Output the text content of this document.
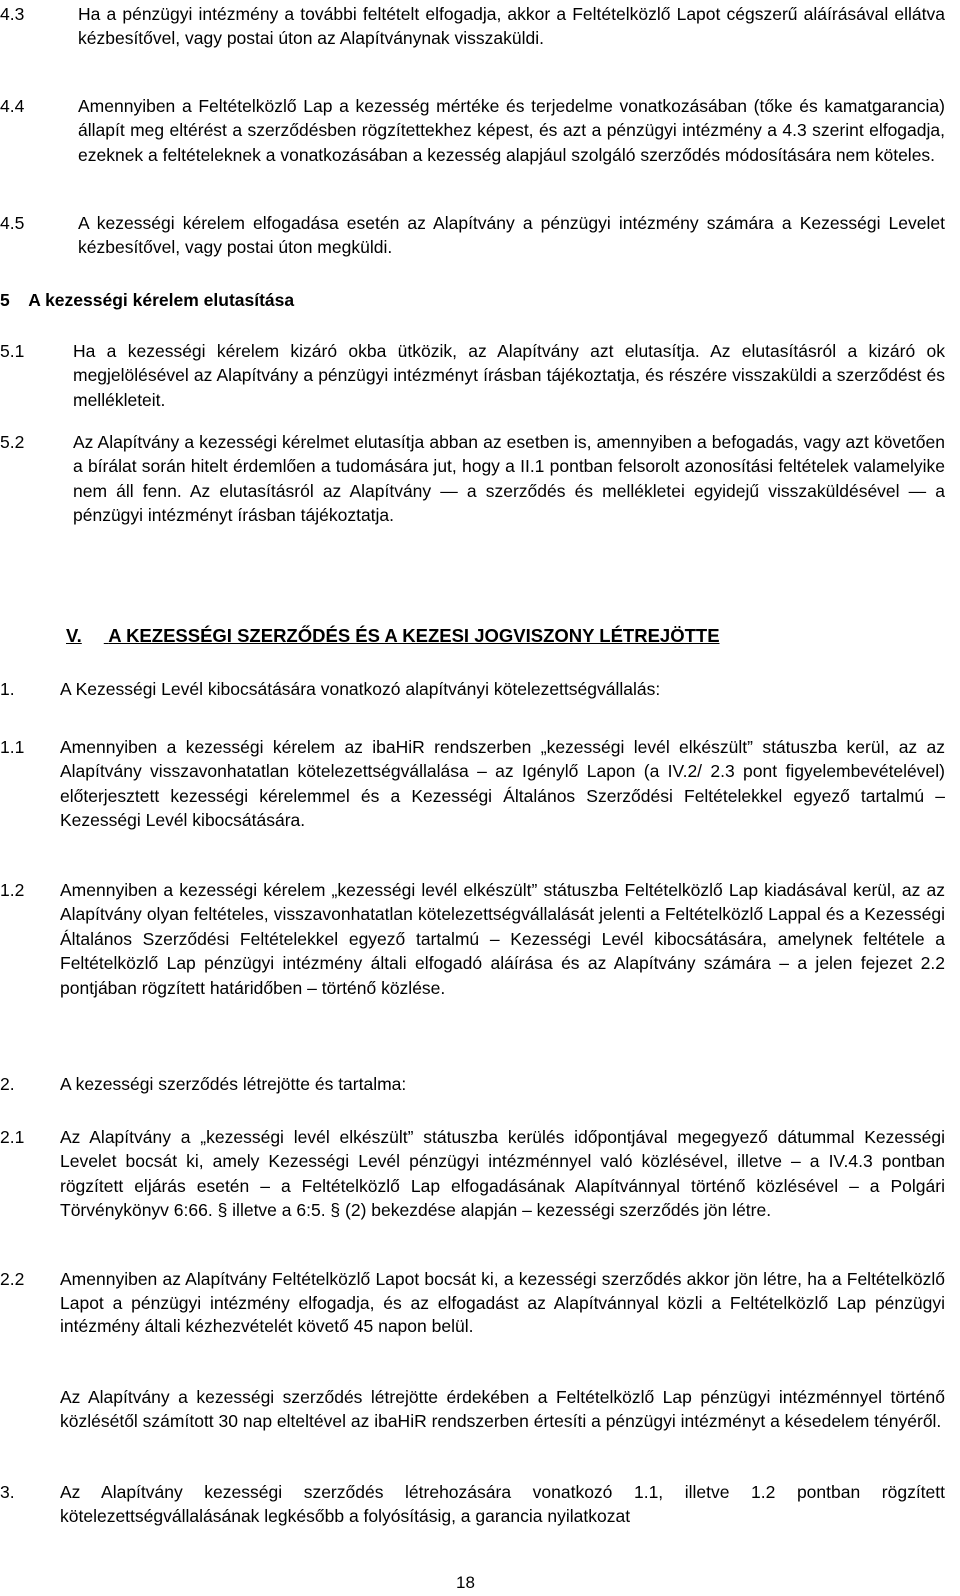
4.3	Ha a pénzügyi intézmény a további feltételt elfogadja, akkor a Feltételközlő Lapot cégszerű aláírásával ellátva kézbesítővel, vagy postai úton az Alapítványnak visszaküldi.
4.4	Amennyiben a Feltételközlő Lap a kezesség mértéke és terjedelme vonatkozásában (tőke és kamatgarancia) állapít meg eltérést a szerződésben rögzítettekhez képest, és azt a pénzügyi intézmény a 4.3 szerint elfogadja, ezeknek a feltételeknek a vonatkozásában a kezesség alapjául szolgáló szerződés módosítására nem köteles.
4.5	A kezességi kérelem elfogadása esetén az Alapítvány a pénzügyi intézmény számára a Kezességi Levelet kézbesítővel, vagy postai úton megküldi.
5 A kezességi kérelem elutasítása
5.1	Ha a kezességi kérelem kizáró okba ütközik, az Alapítvány azt elutasítja. Az elutasításról a kizáró ok megjelölésével az Alapítvány a pénzügyi intézményt írásban tájékoztatja, és részére visszaküldi a szerződést és mellékleteit.
5.2	Az Alapítvány a kezességi kérelmet elutasítja abban az esetben is, amennyiben a befogadás, vagy azt követően a bírálat során hitelt érdemlően a tudomására jut, hogy a II.1 pontban felsorolt azonosítási feltételek valamelyike nem áll fenn. Az elutasításról az Alapítvány — a szerződés és mellékletei egyidejű visszaküldésével — a pénzügyi intézményt írásban tájékoztatja.
V. A KEZESSÉGI SZERZŐDÉS ÉS A KEZESI JOGVISZONY LÉTREJÖTTE
1.	A Kezességi Levél kibocsátására vonatkozó alapítványi kötelezettségvállalás:
1.1 Amennyiben a kezességi kérelem az ibaHiR rendszerben „kezességi levél elkészült” státuszba kerül, az az Alapítvány visszavonhatatlan kötelezettségvállalása – az Igénylő Lapon (a IV.2/ 2.3 pont figyelembevételével) előterjesztett kezességi kérelemmel és a Kezességi Általános Szerződési Feltételekkel egyező tartalmú – Kezességi Levél kibocsátására.
1.2 Amennyiben a kezességi kérelem „kezességi levél elkészült” státuszba Feltételközlő Lap kiadásával kerül, az az Alapítvány olyan feltételes, visszavonhatatlan kötelezettségvállalását jelenti a Feltételközlő Lappal és a Kezességi Általános Szerződési Feltételekkel egyező tartalmú – Kezességi Levél kibocsátására, amelynek feltétele a Feltételközlő Lap pénzügyi intézmény általi elfogadó aláírása és az Alapítvány számára – a jelen fejezet 2.2 pontjában rögzített határidőben – történő közlése.
2.	A kezességi szerződés létrejötte és tartalma:
2.1 Az Alapítvány a „kezességi levél elkészült” státuszba kerülés időpontjával megegyező dátummal Kezességi Levelet bocsát ki, amely Kezességi Levél pénzügyi intézménnyel való közlésével, illetve – a IV.4.3 pontban rögzített eljárás esetén – a Feltételközlő Lap elfogadásának Alapítvánnyal történő közlésével – a Polgári Törvénykönyv 6:66. § illetve a 6:5. § (2) bekezdése alapján – kezességi szerződés jön létre.
2.2 Amennyiben az Alapítvány Feltételközlő Lapot bocsát ki, a kezességi szerződés akkor jön létre, ha a Feltételközlő Lapot a pénzügyi intézmény elfogadja, és az elfogadást az Alapítvánnyal közli a Feltételközlő Lap pénzügyi intézmény általi kézhezvételét követő 45 napon belül.
Az Alapítvány a kezességi szerződés létrejötte érdekében a Feltételközlő Lap pénzügyi intézménnyel történő közlésétől számított 30 nap elteltével az ibaHiR rendszerben értesíti a pénzügyi intézményt a késedelem tényéről.
3.	Az Alapítvány kezességi szerződés létrehozására vonatkozó 1.1, illetve 1.2 pontban rögzített kötelezettségvállalásának legkésőbb a folyósításig, a garancia nyilatkozat
18
